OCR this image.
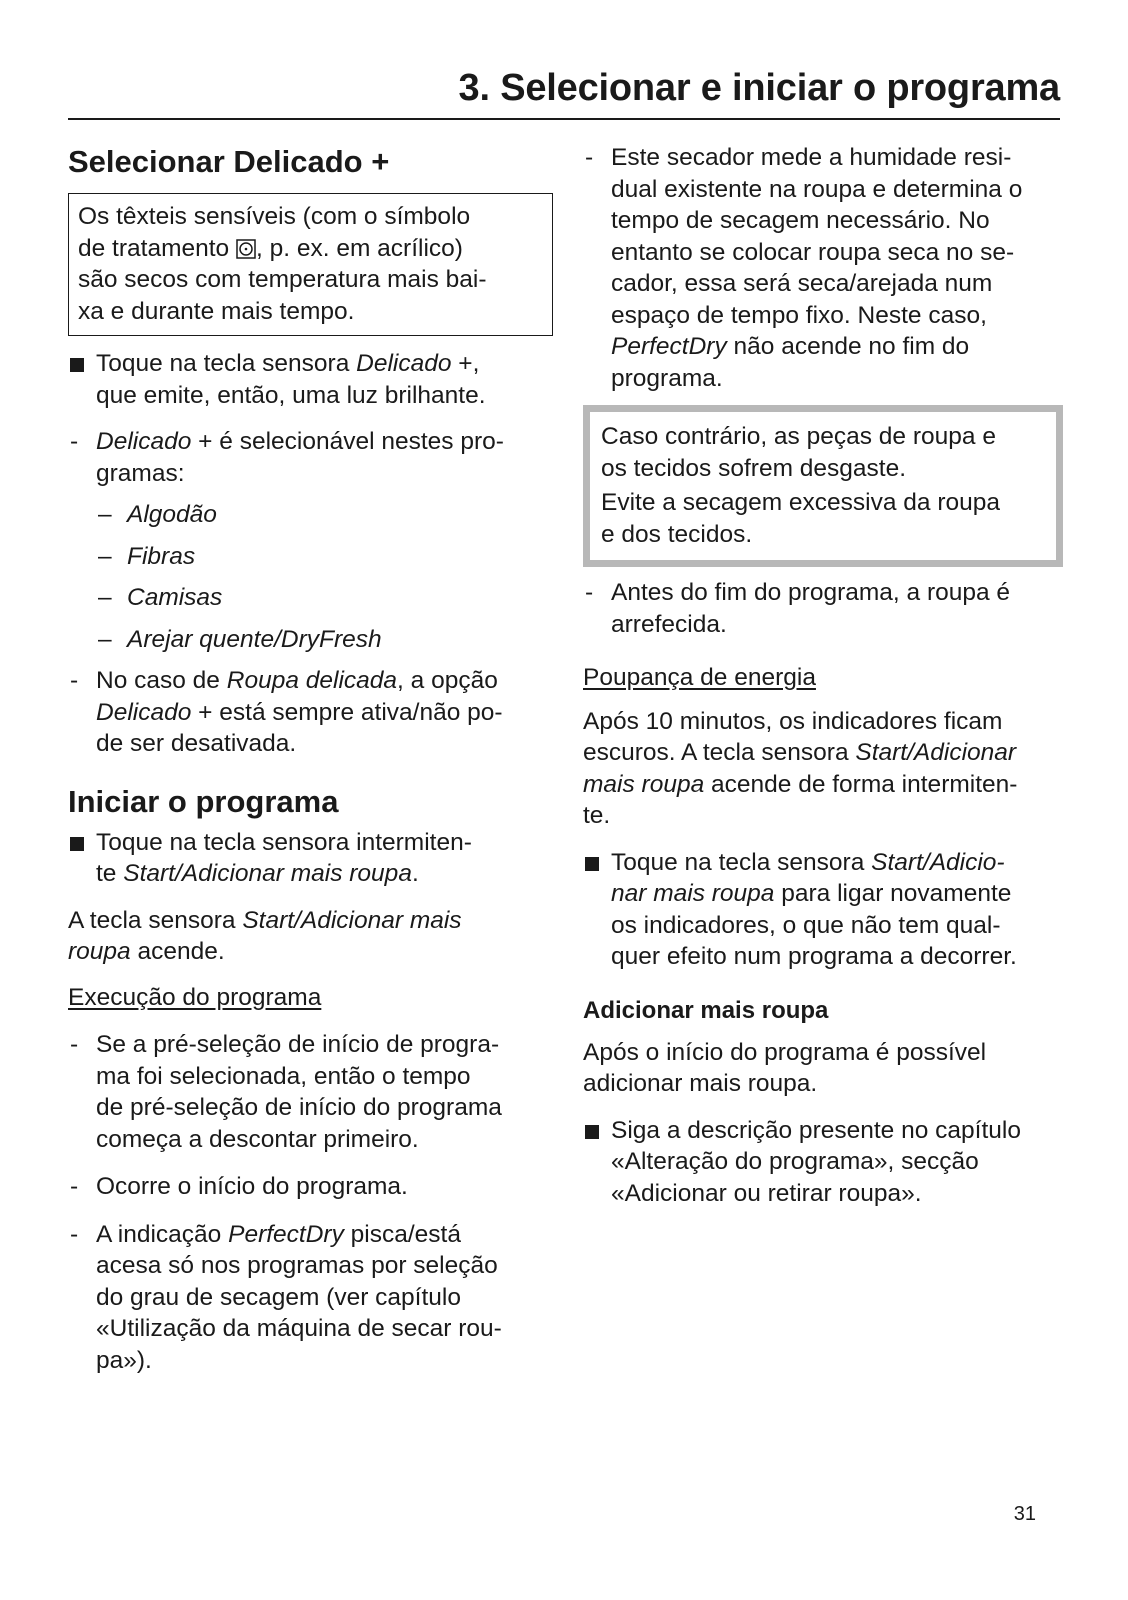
3. Selecionar e iniciar o programa
Selecionar Delicado +

Os têxteis sensíveis (com o símbolo

de tratamento , p. ex. em acrílico)

são secos com temperatura mais bai-

xa e durante mais tempo.

Toque na tecla sensora Delicado +,

que emite, então, uma luz brilhante.

- Delicado + é selecionável nestes pro-

gramas:

– Algodão
– Fibras
– Camisas
– Arejar quente/DryFresh
- No caso de Roupa delicada, a opção

Delicado + está sempre ativa/não po-

de ser desativada.

Iniciar o programa

Toque na tecla sensora intermiten-

te Start/Adicionar mais roupa.

A tecla sensora Start/Adicionar mais

roupa acende.

Execução do programa

- Se a pré-seleção de início de progra-

ma foi selecionada, então o tempo

de pré-seleção de início do programa

começa a descontar primeiro.

- Ocorre o início do programa.

- A indicação PerfectDry pisca/está

acesa só nos programas por seleção

do grau de secagem (ver capítulo

«Utilização da máquina de secar rou-

pa»).

- Este secador mede a humidade resi-

dual existente na roupa e determina o

tempo de secagem necessário. No

entanto se colocar roupa seca no se-

cador, essa será seca/arejada num

espaço de tempo fixo. Neste caso,

PerfectDry não acende no fim do

programa.

Caso contrário, as peças de roupa e
os tecidos sofrem desgaste.

Evite a secagem excessiva da roupa
e dos tecidos.

- Antes do fim do programa, a roupa é

arrefecida.

Poupança de energia

Após 10 minutos, os indicadores ficam

escuros. A tecla sensora Start/Adicionar

mais roupa acende de forma intermiten-

te.

Toque na tecla sensora Start/Adicio-

nar mais roupa para ligar novamente

os indicadores, o que não tem qual-

quer efeito num programa a decorrer.

Adicionar mais roupa

Após o início do programa é possível

adicionar mais roupa.

Siga a descrição presente no capítulo

«Alteração do programa», secção

«Adicionar ou retirar roupa».

31
